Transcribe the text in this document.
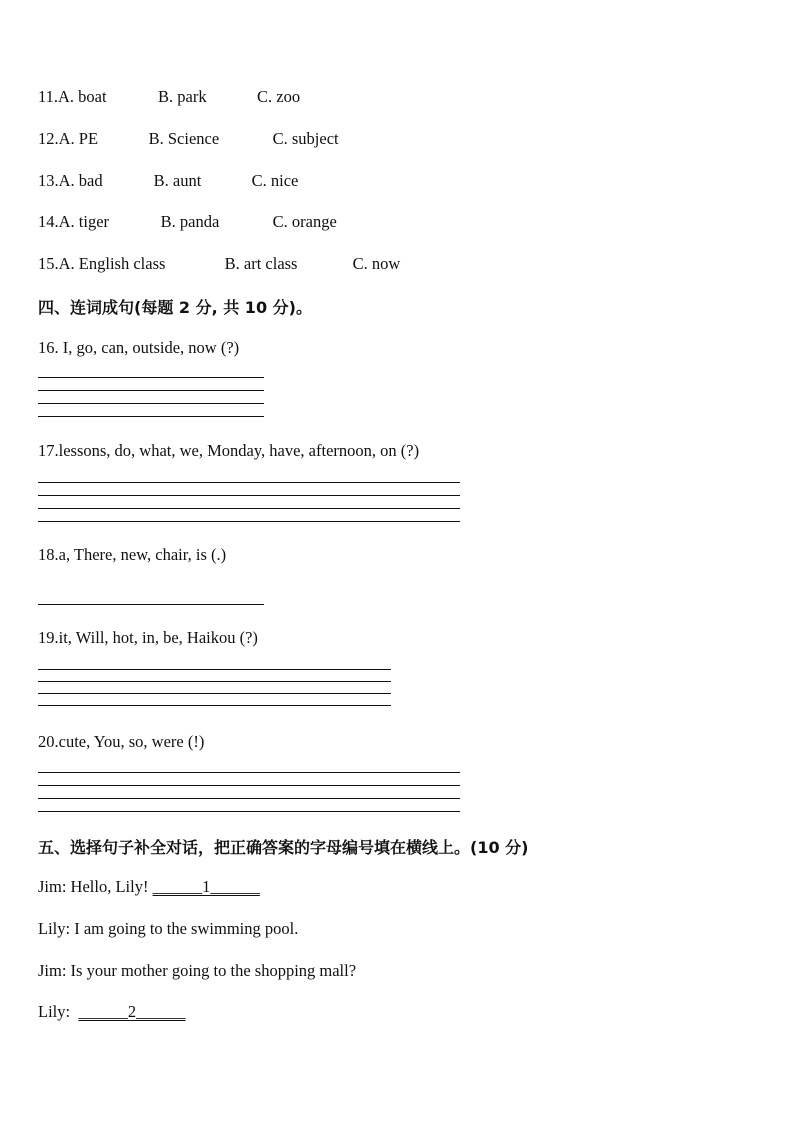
11.A. boat	B. park	C. zoo
12.A. PE	B. Science	C. subject
13.A. bad	B. aunt	C. nice
14.A. tiger	B. panda	C. orange
15.A. English class	B. art class	C. now
四、连词成句(每题 2 分, 共 10 分)。
16. I, go, can, outside, now (?)
17.lessons, do, what, we, Monday, have, afternoon, on (?)
18.a, There, new, chair, is (.)
19.it, Will, hot, in, be, Haikou (?)
20.cute, You, so, were (!)
五、选择句子补全对话，把正确答案的字母编号填在横线上。(10 分)
Jim: Hello, Lily! ______1______
Lily: I am going to the swimming pool.
Jim: Is your mother going to the shopping mall?
Lily:  ______2______
